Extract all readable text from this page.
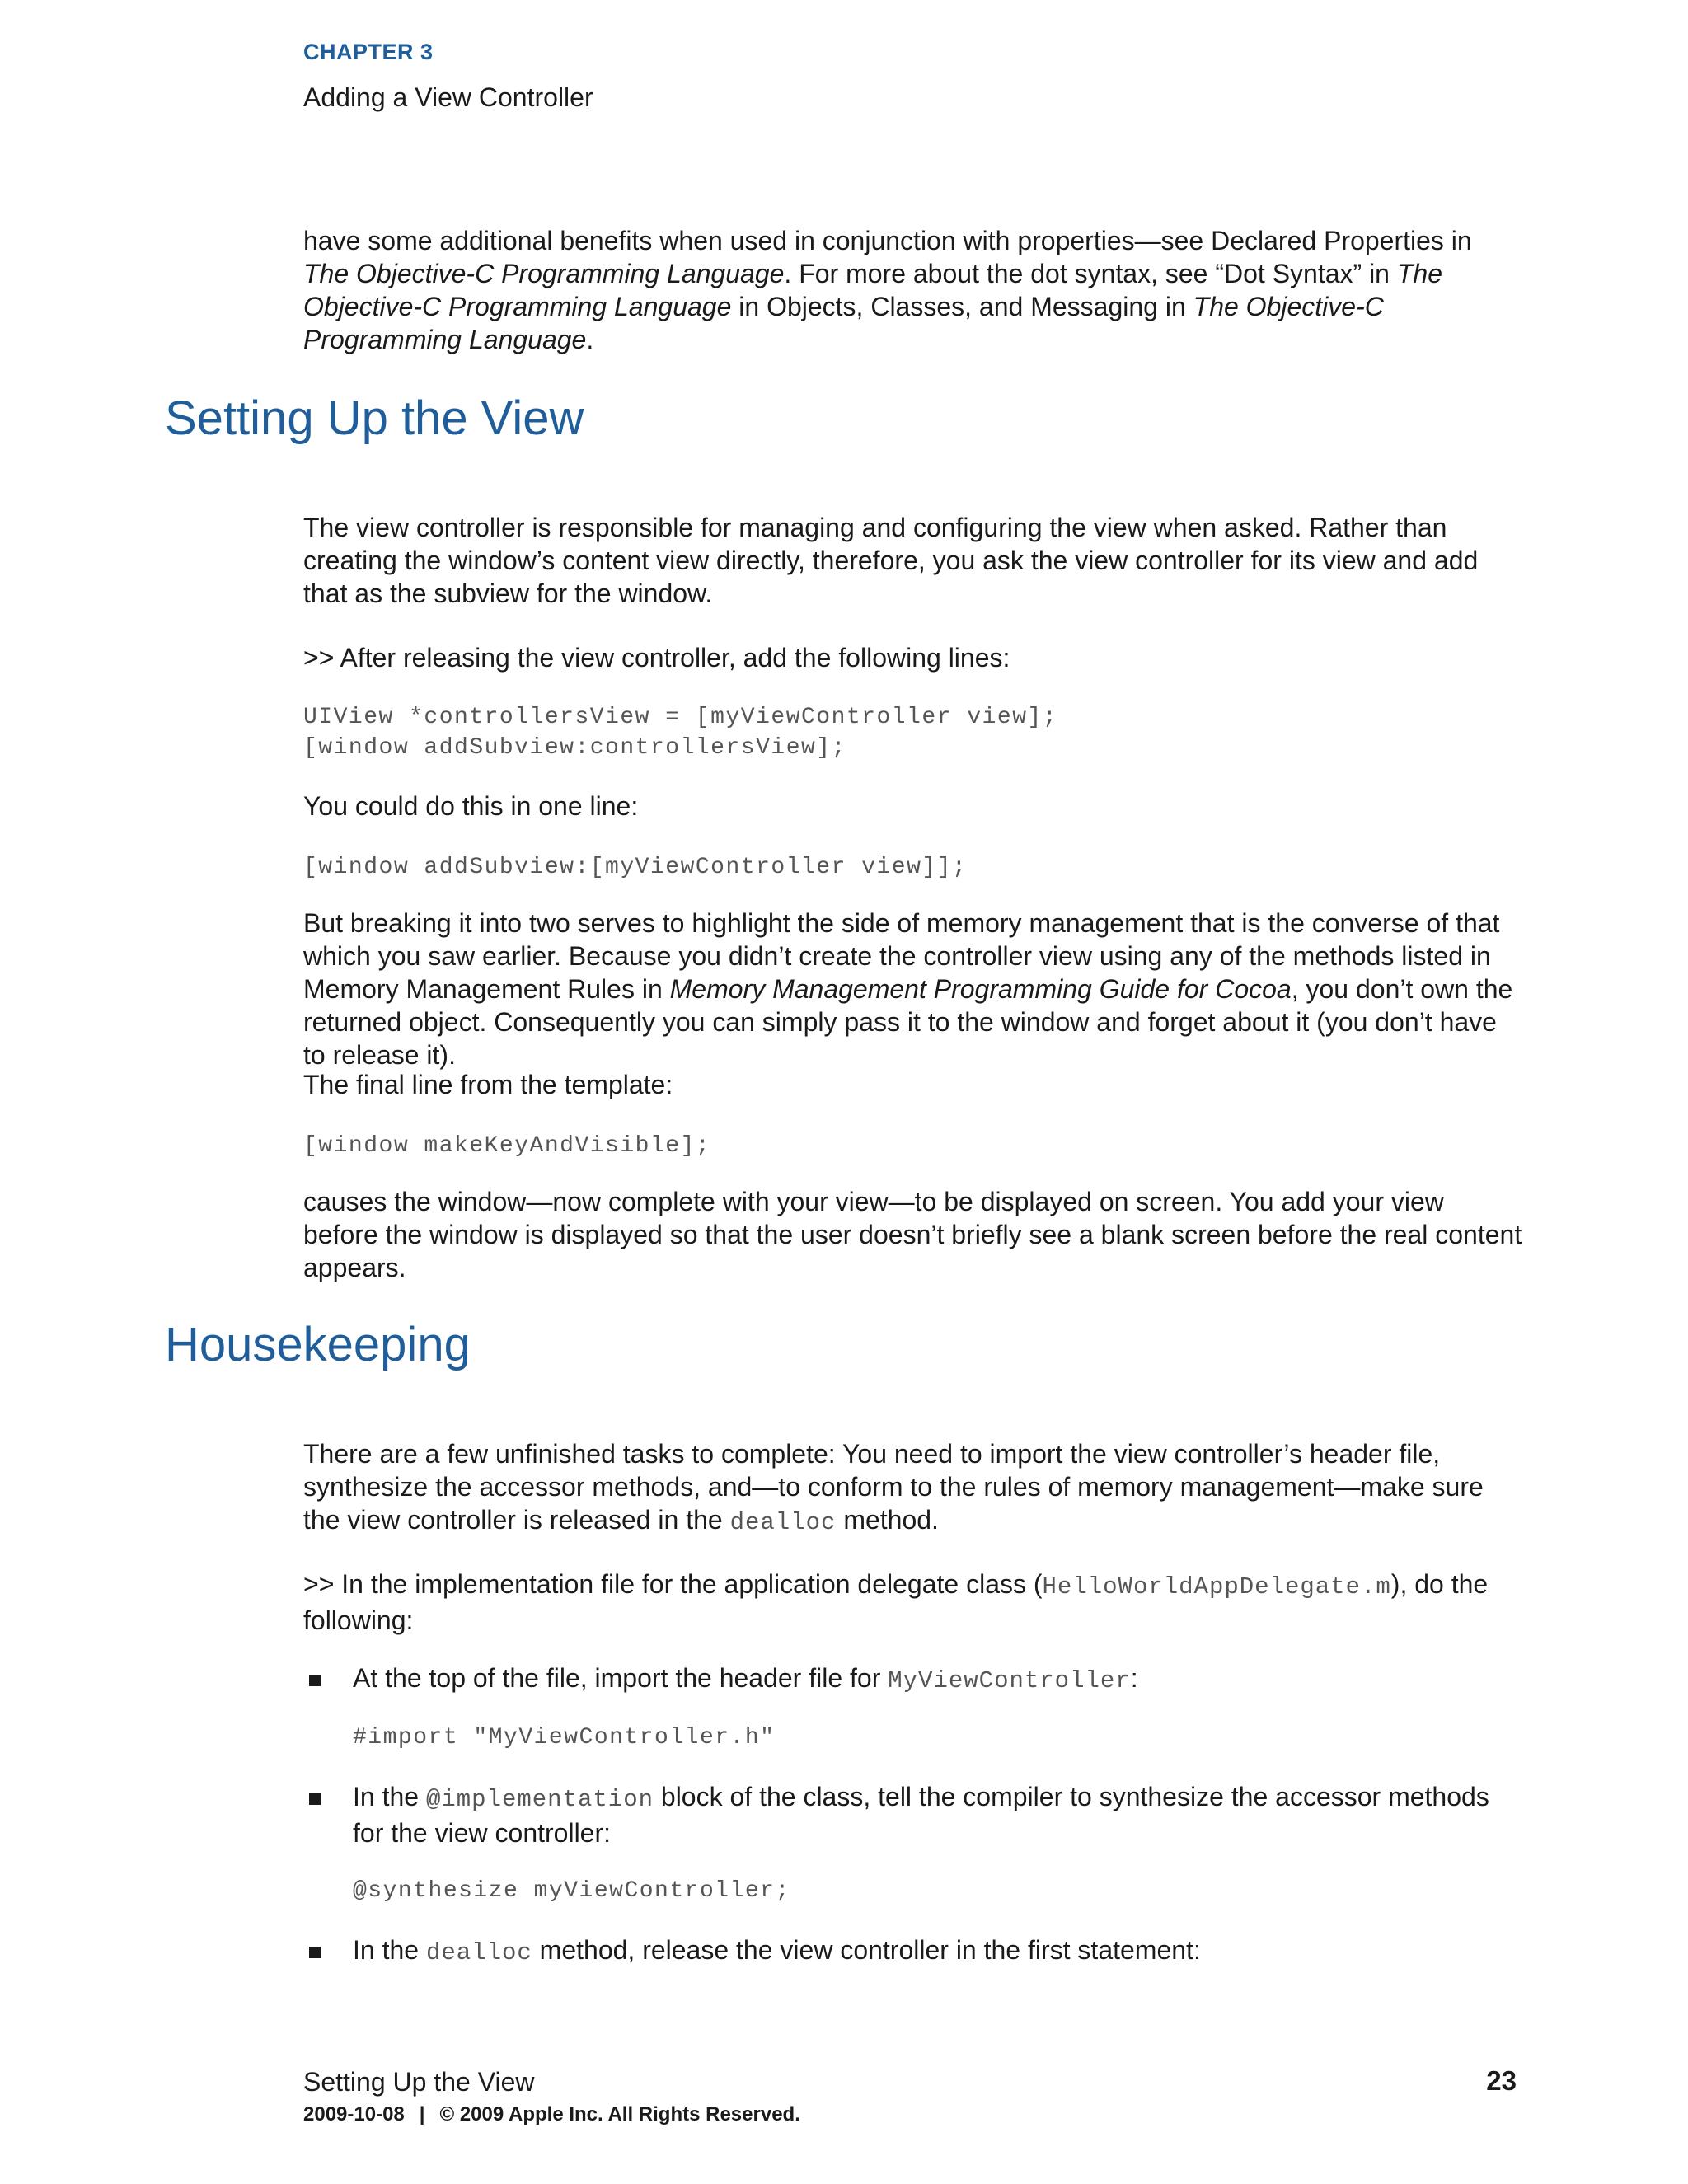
CHAPTER 3
Adding a View Controller

have some additional benefits when used in conjunction with properties—see Declared Properties in The Objective-C Programming Language. For more about the dot syntax, see “Dot Syntax” in The Objective-C Programming Language in Objects, Classes, and Messaging in The Objective-C Programming Language.

Setting Up the View

The view controller is responsible for managing and configuring the view when asked. Rather than creating the window’s content view directly, therefore, you ask the view controller for its view and add that as the subview for the window.

>> After releasing the view controller, add the following lines:

UIView *controllersView = [myViewController view];
[window addSubview:controllersView];

You could do this in one line:

[window addSubview:[myViewController view]];

But breaking it into two serves to highlight the side of memory management that is the converse of that which you saw earlier. Because you didn’t create the controller view using any of the methods listed in Memory Management Rules in Memory Management Programming Guide for Cocoa, you don’t own the returned object. Consequently you can simply pass it to the window and forget about it (you don’t have to release it).

The final line from the template:

[window makeKeyAndVisible];

causes the window—now complete with your view—to be displayed on screen. You add your view before the window is displayed so that the user doesn’t briefly see a blank screen before the real content appears.

Housekeeping

There are a few unfinished tasks to complete: You need to import the view controller’s header file, synthesize the accessor methods, and—to conform to the rules of memory management—make sure the view controller is released in the dealloc method.

>> In the implementation file for the application delegate class (HelloWorldAppDelegate.m), do the following:

At the top of the file, import the header file for MyViewController:

#import "MyViewController.h"

In the @implementation block of the class, tell the compiler to synthesize the accessor methods for the view controller:

@synthesize myViewController;

In the dealloc method, release the view controller in the first statement:

Setting Up the View	23
2009-10-08 | © 2009 Apple Inc. All Rights Reserved.
